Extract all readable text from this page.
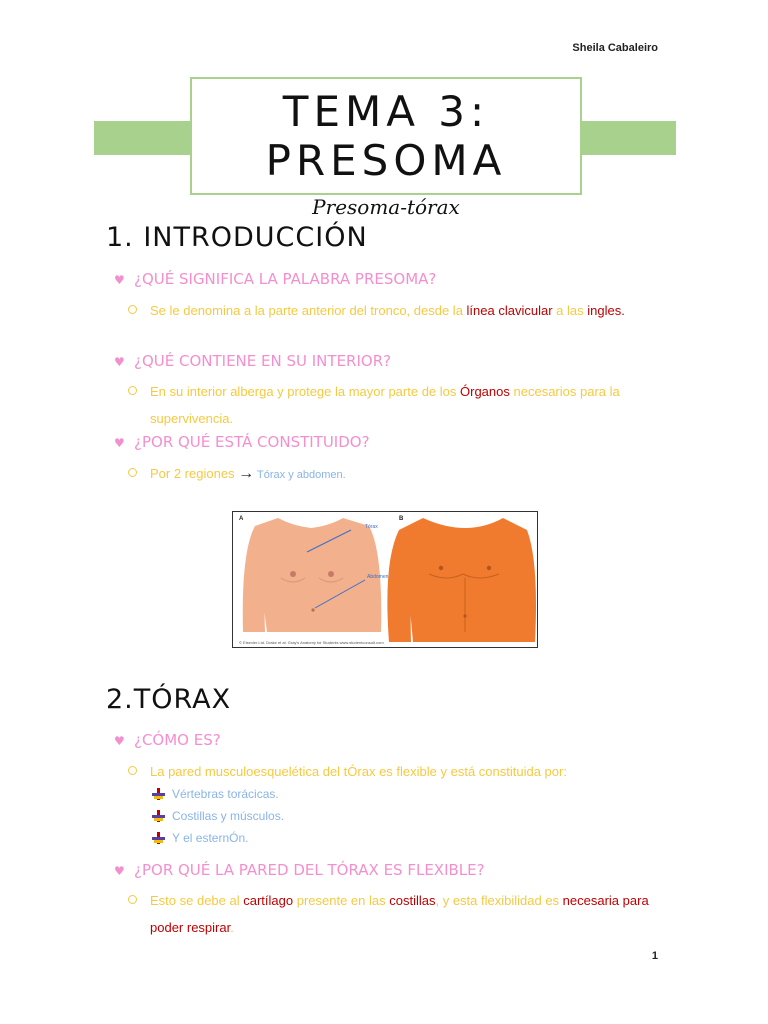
Sheila Cabaleiro
TEMA 3: PRESOMA
Presoma-tórax
1. INTRODUCCIÓN
♥ ¿QUÉ SIGNIFICA LA PALABRA PRESOMA?
Se le denomina a la parte anterior del tronco, desde la línea clavicular a las ingles.
♥ ¿QUÉ CONTIENE EN SU INTERIOR?
En su interior alberga y protege la mayor parte de los Órganos necesarios para la supervivencia.
♥ ¿POR QUÉ ESTÁ CONSTITUIDO?
Por 2 regiones → Tórax y abdomen.
A	B
Tórax
Abdomen
© Elsevier Ltd. Drake et al: Gray's Anatomy for Students www.studentconsult.com
2.TÓRAX
♥ ¿CÓMO ES?
La pared musculoesquelética del tÓrax es flexible y está constituida por:
Vértebras torácicas.
Costillas y músculos.
Y el esternÓn.
♥ ¿POR QUÉ LA PARED DEL TÓRAX ES FLEXIBLE?
Esto se debe al cartílago presente en las costillas, y esta flexibilidad es necesaria para poder respirar.
1
